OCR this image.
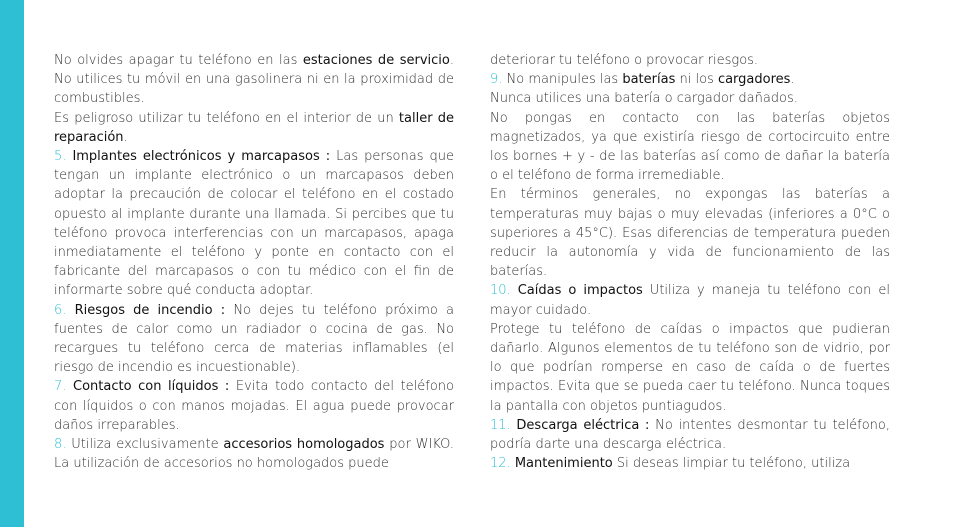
No olvides apagar tu teléfono en las estaciones de servicio. No utilices tu móvil en una gasolinera ni en la proximidad de combustibles.

Es peligroso utilizar tu teléfono en el interior de un taller de reparación.

5. Implantes electrónicos y marcapasos : Las personas que tengan un implante electrónico o un marcapasos deben adoptar la precaución de colocar el teléfono en el costado opuesto al implante durante una llamada. Si percibes que tu teléfono provoca interferencias con un marcapasos, apaga inmediatamente el teléfono y ponte en contacto con el fabricante del marcapasos o con tu médico con el fin de informarte sobre qué conducta adoptar.

6. Riesgos de incendio : No dejes tu teléfono próximo a fuentes de calor como un radiador o cocina de gas. No recargues tu teléfono cerca de materias inflamables (el riesgo de incendio es incuestionable).

7. Contacto con líquidos : Evita todo contacto del teléfono con líquidos o con manos mojadas. El agua puede provocar daños irreparables.

8. Utiliza exclusivamente accesorios homologados por WIKO. La utilización de accesorios no homologados puede

deteriorar tu teléfono o provocar riesgos.

9. No manipules las baterías ni los cargadores.

Nunca utilices una batería o cargador dañados.

No pongas en contacto con las baterías objetos magnetizados, ya que existiría riesgo de cortocircuito entre los bornes + y - de las baterías así como de dañar la batería o el teléfono de forma irremediable.

En términos generales, no expongas las baterías a temperaturas muy bajas o muy elevadas (inferiores a 0°C o superiores a 45°C). Esas diferencias de temperatura pueden reducir la autonomía y vida de funcionamiento de las baterías.

10. Caídas o impactos Utiliza y maneja tu teléfono con el mayor cuidado.

Protege tu teléfono de caídas o impactos que pudieran dañarlo. Algunos elementos de tu teléfono son de vidrio, por lo que podrían romperse en caso de caída o de fuertes impactos. Evita que se pueda caer tu teléfono. Nunca toques la pantalla con objetos puntiagudos.

11. Descarga eléctrica : No intentes desmontar tu teléfono, podría darte una descarga eléctrica.

12. Mantenimiento Si deseas limpiar tu teléfono, utiliza
